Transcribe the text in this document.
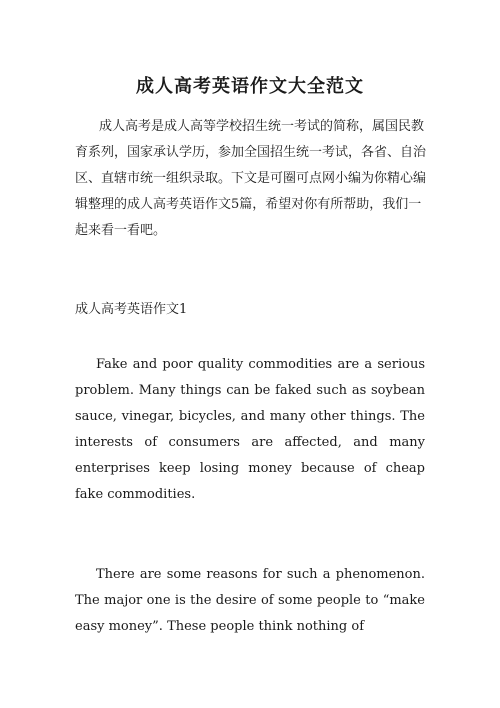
成人高考英语作文大全范文

成人高考是成人高等学校招生统一考试的简称，属国民教育系列，国家承认学历，参加全国招生统一考试，各省、自治区、直辖市统一组织录取。下文是可圈可点网小编为你精心编辑整理的成人高考英语作文5篇，希望对你有所帮助，我们一起来看一看吧。

成人高考英语作文1

Fake and poor quality commodities are a serious problem. Many things can be faked such as soybean sauce, vinegar, bicycles, and many other things. The interests of consumers are affected, and many enterprises keep losing money because of cheap fake commodities.

There are some reasons for such a phenomenon. The major one is the desire of some people to “make easy money”. These people think nothing of
